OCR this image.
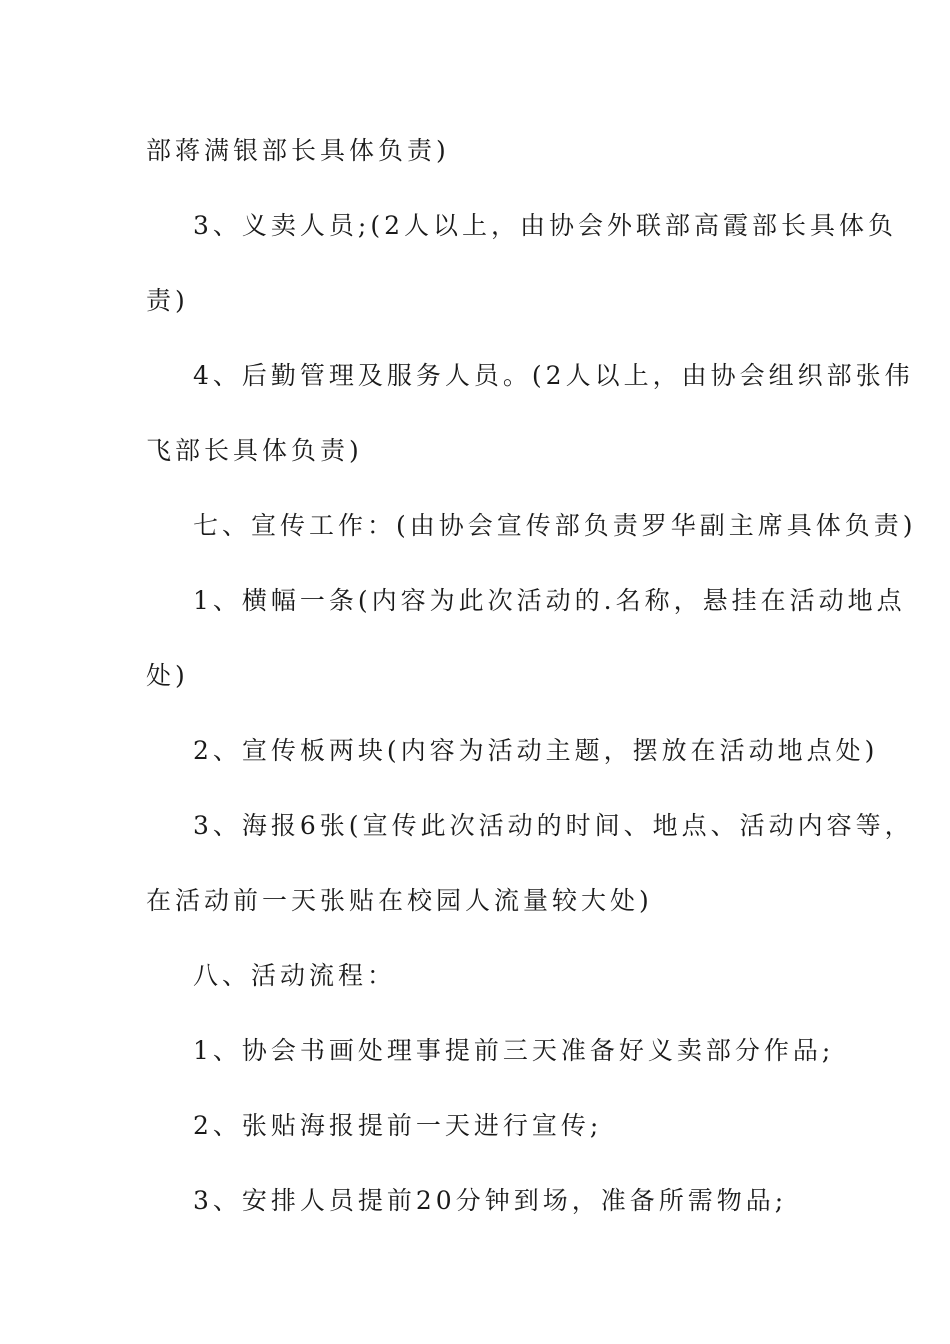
部蒋满银部长具体负责)

3、义卖人员;(2人以上，由协会外联部高霞部长具体负

责)

4、后勤管理及服务人员。(2人以上，由协会组织部张伟

飞部长具体负责)

七、宣传工作：(由协会宣传部负责罗华副主席具体负责)

1、横幅一条(内容为此次活动的.名称，悬挂在活动地点

处)

2、宣传板两块(内容为活动主题，摆放在活动地点处)

3、海报6张(宣传此次活动的时间、地点、活动内容等，

在活动前一天张贴在校园人流量较大处)

八、活动流程：

1、协会书画处理事提前三天准备好义卖部分作品;

2、张贴海报提前一天进行宣传;

3、安排人员提前20分钟到场，准备所需物品;
